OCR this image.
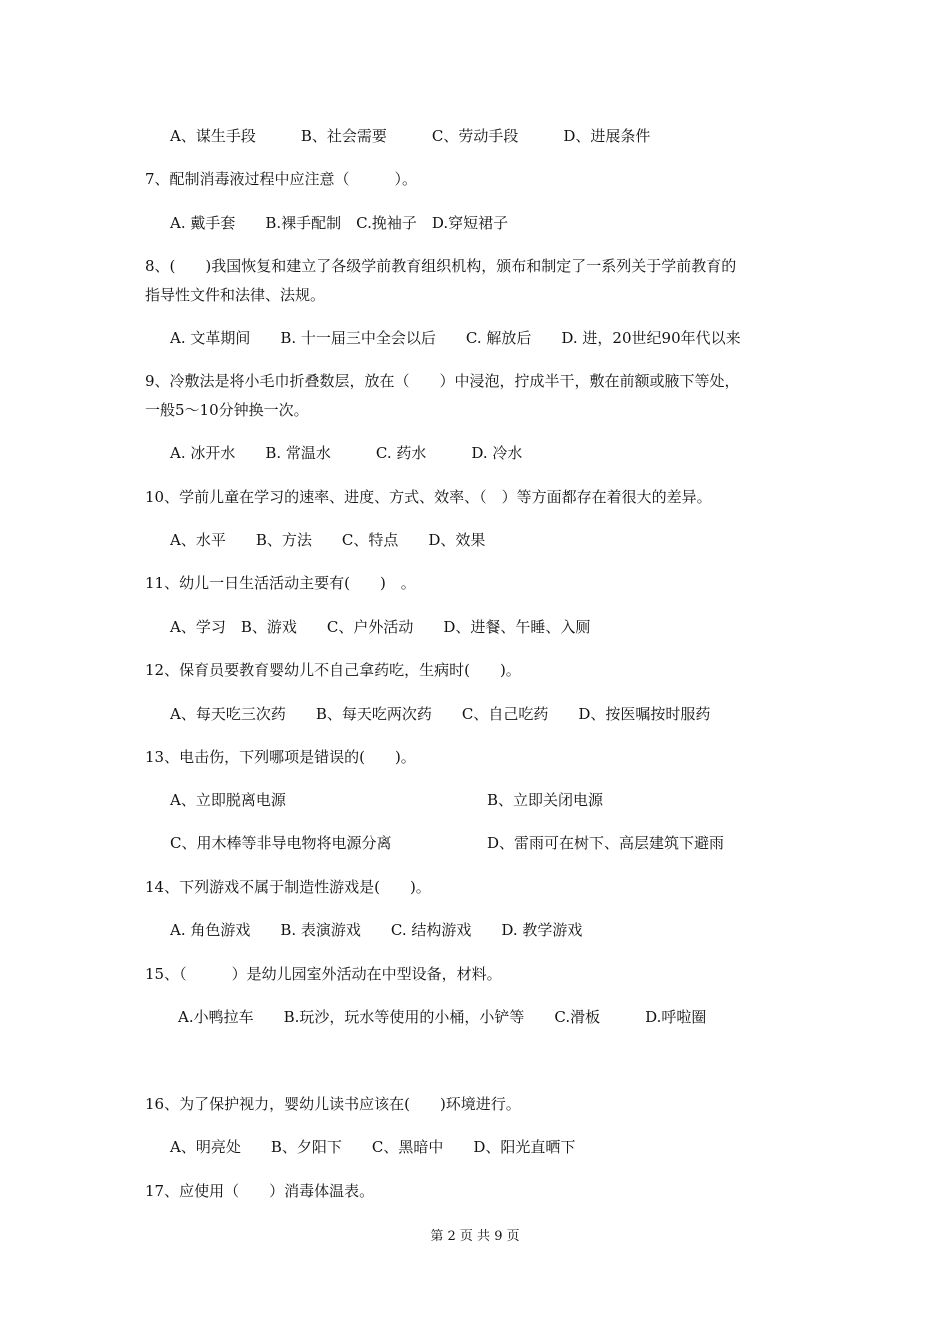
A、谋生手段　　　B、社会需要　　　C、劳动手段　　　D、进展条件
7、配制消毒液过程中应注意（　　　）。
A. 戴手套　　B.裸手配制　C.挽袖子　D.穿短裙子
8、(　　)我国恢复和建立了各级学前教育组织机构，颁布和制定了一系列关于学前教育的
指导性文件和法律、法规。
A. 文革期间　　B. 十一届三中全会以后　　C. 解放后　　D. 进，20世纪90年代以来
9、冷敷法是将小毛巾折叠数层，放在（　　）中浸泡，拧成半干，敷在前额或腋下等处，
一般5～10分钟换一次。
A. 冰开水　　B. 常温水　　　C. 药水　　　D. 冷水
10、学前儿童在学习的速率、进度、方式、效率、（　）等方面都存在着很大的差异。
A、水平　　B、方法　　C、特点　　D、效果
11、幼儿一日生活活动主要有(　　)　。
A、学习　B、游戏　　C、户外活动　　D、进餐、午睡、入厕
12、保育员要教育婴幼儿不自己拿药吃，生病时(　　)。
A、每天吃三次药　　B、每天吃两次药　　C、自己吃药　　D、按医嘱按时服药
13、电击伤，下列哪项是错误的(　　)。
A、立即脱离电源	B、立即关闭电源
C、用木棒等非导电物将电源分离	D、雷雨可在树下、高层建筑下避雨
14、下列游戏不属于制造性游戏是(　　)。
A. 角色游戏　　B. 表演游戏　　C. 结构游戏　　D. 教学游戏
15、（　　　）是幼儿园室外活动在中型设备，材料。
A.小鸭拉车　　B.玩沙，玩水等使用的小桶，小铲等　　C.滑板　　　D.呼啦圈
16、为了保护视力，婴幼儿读书应该在(　　)环境进行。
A、明亮处　　B、夕阳下　　C、黑暗中　　D、阳光直晒下
17、应使用（　　）消毒体温表。
第 2 页 共 9 页
